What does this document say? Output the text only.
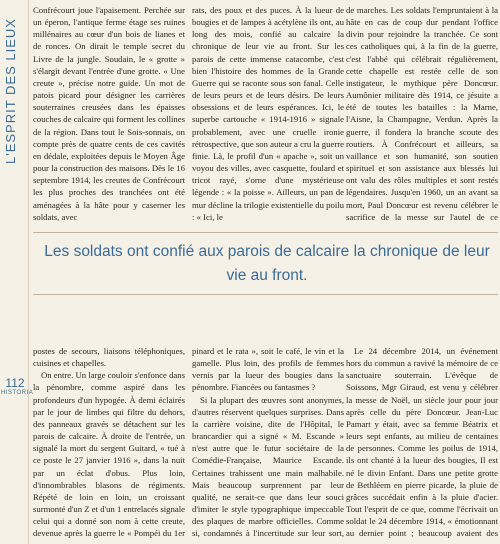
L'ESPRIT DES LIEUX
112
HISTORIA

Confrécourt joue l'apaisement. Perchée sur un éperon, l'antique ferme étage ses ruines millénaires au cœur d'un bois de lianes et de ronces. On dirait le temple secret du Livre de la jungle. Soudain, le « grotte » s'élargit devant l'entrée d'une grotte. « Une creute », précise notre guide. Un mot de patois picard pour désigner les carrières souterraines creusées dans les épaisses couches de calcaire qui forment les collines de la région. Dans tout le Sois-sonnais, on compte près de quatre cents de ces cavités en dédale, exploitées depuis le Moyen Âge pour la construction des maisons. Dès le 16 septembre 1914, les creutes de Confrécourt les plus proches des tranchées ont été aménagées à la hâte pour y caserner les soldats, avec

rats, des poux et des puces. À la lueur de bougies et de lampes à acétylène ils ont, au long des mois, confié au calcaire la chronique de leur vie au front. Sur les parois de cette immense catacombe, c'est bien l'histoire des hommes de la Grande Guerre qui se raconte sous son fanal. Celle de leurs peurs et de leurs désirs. De leurs obsessions et de leurs espérances. Ici, le superbe cartouche « 1914-1916 » signale probablement, avec une cruelle ironie rétrospective, que son auteur a cru la guerre finie. Là, le profil d'un « apache », soit un voyou des villes, avec casquette, foulard et tricot rayé, s'orne d'une mystérieuse légende : « la poisse ». Ailleurs, un pan de mur décline la trilogie existentielle du poilu : « Ici, le

de marches. Les soldats l'empruntaient à la hâte en cas de coup dur pendant l'office divin pour rejoindre la tranchée. Ce sont ces catholiques qui, à la fin de la guerre, c'est l'abbé qui célébrait régulièrement, cette chapelle est restée celle de son instigateur, le mythique père Doncœur. Aumônier militaire dès 1914, ce jésuite a été de toutes les batailles : la Marne, l'Aisne, la Champagne, Verdun. Après la guerre, il fondera la branche scoute des routiers. À Confrécourt et ailleurs, sa vaillance et son humanité, son soutien spirituel et son assistance aux blessés lui ont valu des rôles multiples et sont restés légendaires. Jusqu'en 1960, un an avant sa mort, Paul Doncœur est revenu célébrer le sacrifice de la messe sur l'autel de ce

Les soldats ont confié aux parois de calcaire la chronique de leur vie au front.

postes de secours, liaisons téléphoniques, cuisines et chapelles.

On entre. Un large couloir s'enfonce dans la pénombre, comme aspiré dans les profondeurs d'un hypogée. À demi éclairés par le jour de limbes qui filtre du dehors, des panneaux gravés se détachent sur les parois de calcaire. À droite de l'entrée, un signalé la mort du sergent Guitard, « tué à ce poste le 27 janvier 1916 », dans la nuit par un éclat d'obus. Plus loin, d'innombrables blasons de régiments. Répété de loin en loin, un croissant surmonté d'un Z et d'un 1 entrelacés signale celui qui a donné son nom à cette creute, devenue après la guerre le « Pompéi du 1er

pinard et le rata », soit le café, le vin et la gamelle. Plus loin, des profils de femmes vernis par la lueur des bougies dans la pénombre. Fiancées ou fantasmes ?

Si la plupart des œuvres sont anonymes, d'autres réservent quelques surprises. Dans la carrière voisine, dite de l'Hôpital, le brancardier qui a signé « M. Escande » n'est autre que le futur sociétaire de la Comédie-Française, Maurice Escande. Certaines trahissent une main malhabile. Mais beaucoup surprennent par leur qualité, ne serait-ce que dans leur souci d'imiter le style typographique impeccable des plaques de marbre officielles. Comme si, condamnés à l'incertitude sur leur sort,

Le 24 décembre 2014, un événement hors du commun a ravivé la mémoire de ce sanctuaire souterrain. L'évêque de Soissons, Mgr Giraud, est venu y célébrer la messe de Noël, un siècle jour pour jour après celle du père Doncœur. Jean-Luc Pamart y était, avec sa femme Béatrix et leurs sept enfants, au milieu de centaines de personnes. Comme les poilus de 1914, ils ont chanté à la lueur des bougies, Il est né le divin Enfant. Dans une petite grotte de Bethléem en pierre picarde, la pluie de grâces succédait enfin à la pluie d'acier. Tout l'esprit de ce que, comme l'écrivait un soldat le 24 décembre 1914, « émotionnant au dernier point ; beaucoup avaient des
